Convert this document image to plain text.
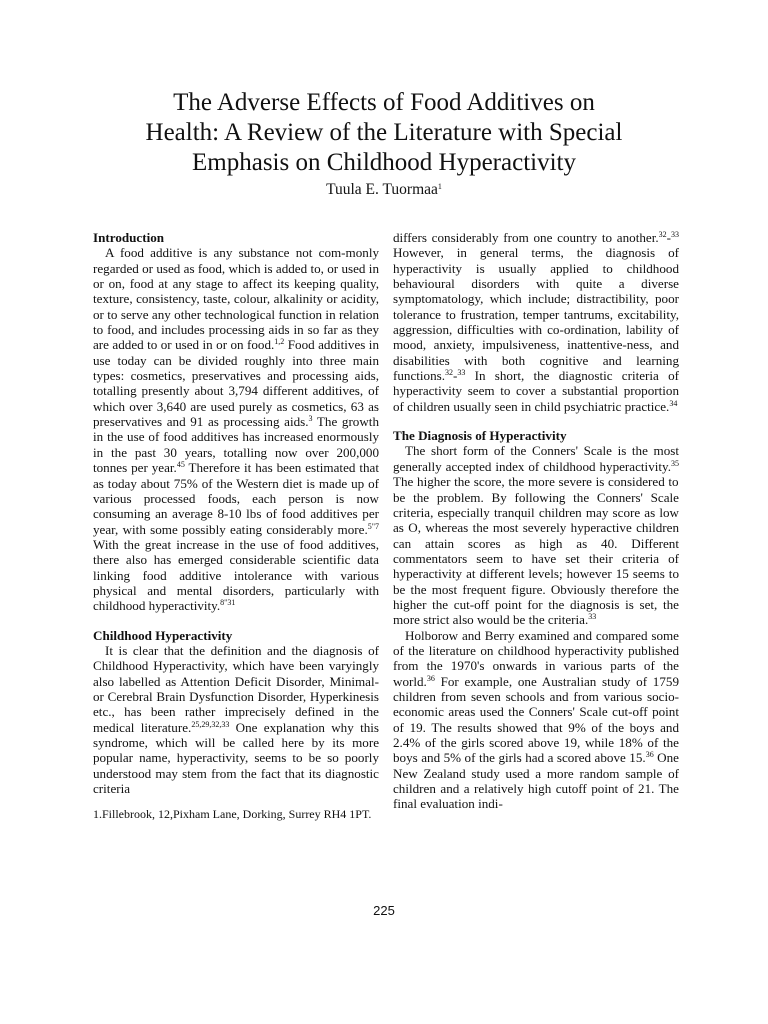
The Adverse Effects of Food Additives on
Health: A Review of the Literature with Special
Emphasis on Childhood Hyperactivity
Tuula E. Tuormaa$^1$

Introduction

A food additive is any substance not com-monly regarded or used as food, which is added to, or used in or on, food at any stage to affect its keeping quality, texture, consistency, taste, colour, alkalinity or acidity, or to serve any other technological function in relation to food, and includes processing aids in so far as they are added to or used in or on food.$^{1,2}$ Food additives in use today can be divided roughly into three main types: cosmetics, preservatives and processing aids, totalling presently about 3,794 different additives, of which over 3,640 are used purely as cosmetics, 63 as preservatives and 91 as processing aids.$^3$ The growth in the use of food additives has increased enormously in the past 30 years, totalling now over 200,000 tonnes per year.$^{45}$ Therefore it has been estimated that as today about 75% of the Western diet is made up of various processed foods, each person is now consuming an average 8-10 lbs of food additives per year, with some possibly eating considerably more.$^{5"7}$ With the great increase in the use of food additives, there also has emerged considerable scientific data linking food additive intolerance with various physical and mental disorders, particularly with childhood hyperactivity.$^{8"31}$

Childhood Hyperactivity

It is clear that the definition and the diagnosis of Childhood Hyperactivity, which have been varyingly also labelled as Attention Deficit Disorder, Minimal- or Cerebral Brain Dysfunction Disorder, Hyperkinesis etc., has been rather imprecisely defined in the medical literature.$^{25,29,32,33}$ One explanation why this syndrome, which will be called here by its more popular name, hyperactivity, seems to be so poorly understood may stem from the fact that its diagnostic criteria

1.Fillebrook, 12,Pixham Lane, Dorking, Surrey RH4 1PT.

differs considerably from one country to another.$^{32}$-$^{33}$ However, in general terms, the diagnosis of hyperactivity is usually applied to childhood behavioural disorders with quite a diverse symptomatology, which include; distractibility, poor tolerance to frustration, temper tantrums, excitability, aggression, difficulties with co-ordination, lability of mood, anxiety, impulsiveness, inattentive-ness, and disabilities with both cognitive and learning functions.$^{32}$-$^{33}$ In short, the diagnostic criteria of hyperactivity seem to cover a substantial proportion of children usually seen in child psychiatric practice.$^{34}$

The Diagnosis of Hyperactivity

The short form of the Conners' Scale is the most generally accepted index of childhood hyperactivity.$^{35}$ The higher the score, the more severe is considered to be the problem. By following the Conners' Scale criteria, especially tranquil children may score as low as O, whereas the most severely hyperactive children can attain scores as high as 40. Different commentators seem to have set their criteria of hyperactivity at different levels; however 15 seems to be the most frequent figure. Obviously therefore the higher the cut-off point for the diagnosis is set, the more strict also would be the criteria.$^{33}$

Holborow and Berry examined and compared some of the literature on childhood hyperactivity published from the 1970's onwards in various parts of the world.$^{36}$ For example, one Australian study of 1759 children from seven schools and from various socio-economic areas used the Conners' Scale cut-off point of 19. The results showed that 9% of the boys and 2.4% of the girls scored above 19, while 18% of the boys and 5% of the girls had a scored above 15.36 One New Zealand study used a more random sample of children and a relatively high cutoff point of 21. The final evaluation indi-

225
